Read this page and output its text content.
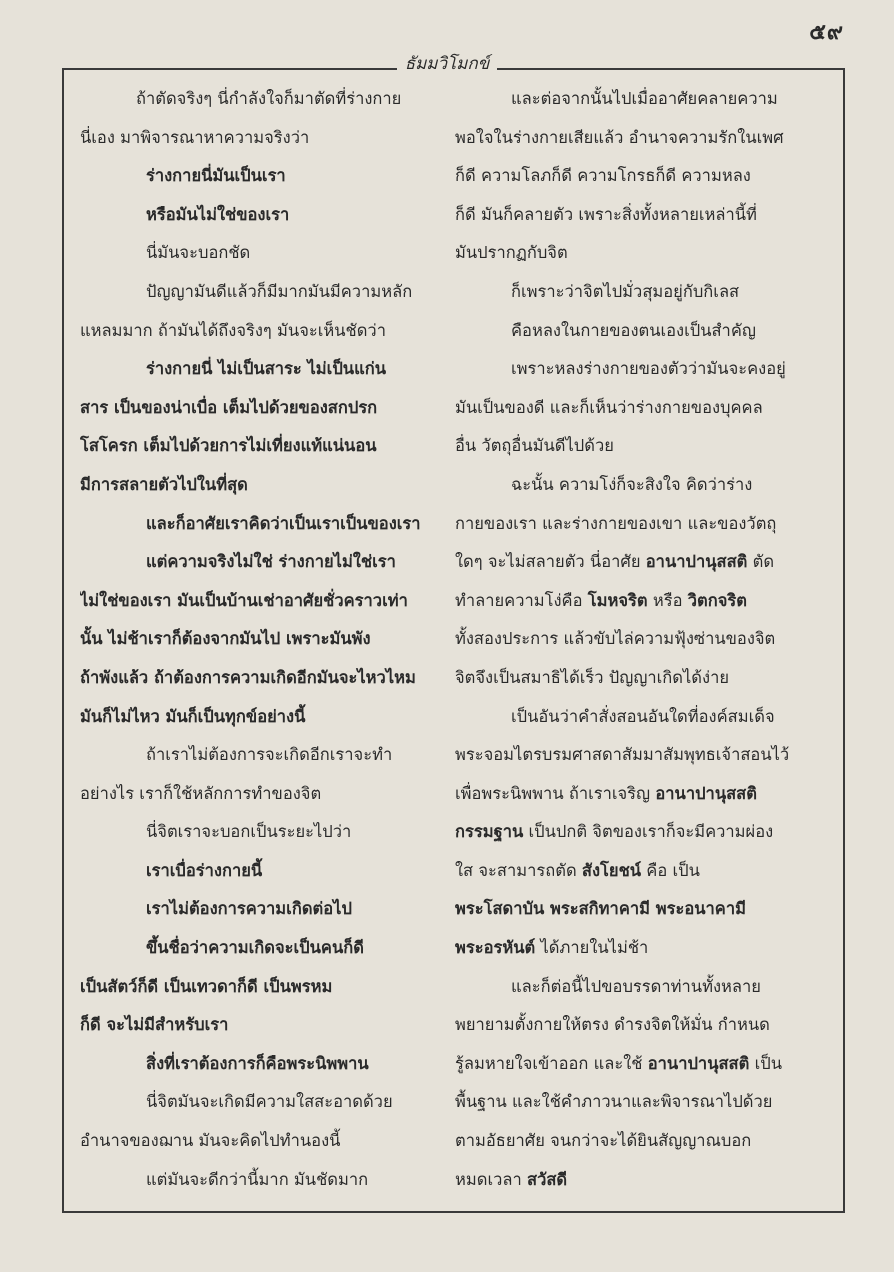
๕๙
ธัมมวิโมกข์
ถ้าตัดจริงๆ นี่กำลังใจก็มาตัดที่ร่างกาย
นี่เอง มาพิจารณาหาความจริงว่า
ร่างกายนี่มันเป็นเรา
หรือมันไม่ใช่ของเรา
นี่มันจะบอกชัด
ปัญญามันดีแล้วก็มีมากมันมีความหลัก
แหลมมาก ถ้ามันได้ถึงจริงๆ มันจะเห็นชัดว่า
ร่างกายนี่ ไม่เป็นสาระ ไม่เป็นแก่น
สาร เป็นของน่าเบื่อ เต็มไปด้วยของสกปรก
โสโครก เต็มไปด้วยการไม่เที่ยงแท้แน่นอน
มีการสลายตัวไปในที่สุด
และก็อาศัยเราคิดว่าเป็นเราเป็นของเรา
แต่ความจริงไม่ใช่ ร่างกายไม่ใช่เรา
ไม่ใช่ของเรา มันเป็นบ้านเช่าอาศัยชั่วคราวเท่า
นั้น ไม่ช้าเราก็ต้องจากมันไป เพราะมันพัง
ถ้าพังแล้ว ถ้าต้องการความเกิดอีกมันจะไหวไหม
มันก็ไม่ไหว มันก็เป็นทุกข์อย่างนี้
ถ้าเราไม่ต้องการจะเกิดอีกเราจะทำ
อย่างไร เราก็ใช้หลักการทำของจิต
นี่จิตเราจะบอกเป็นระยะไปว่า
เราเบื่อร่างกายนี้
เราไม่ต้องการความเกิดต่อไป
ขึ้นชื่อว่าความเกิดจะเป็นคนก็ดี
เป็นสัตว์ก็ดี เป็นเทวดาก็ดี เป็นพรหม
ก็ดี จะไม่มีสำหรับเรา
สิ่งที่เราต้องการก็คือพระนิพพาน
นี่จิตมันจะเกิดมีความใสสะอาดด้วย
อำนาจของฌาน มันจะคิดไปทำนองนี้
แต่มันจะดีกว่านี้มาก มันชัดมาก
และต่อจากนั้นไปเมื่ออาศัยคลายความ
พอใจในร่างกายเสียแล้ว อำนาจความรักในเพศ
ก็ดี ความโลภก็ดี ความโกรธก็ดี ความหลง
ก็ดี มันก็คลายตัว เพราะสิ่งทั้งหลายเหล่านี้ที่
มันปรากฏกับจิต
ก็เพราะว่าจิตไปมั่วสุมอยู่กับกิเลส
คือหลงในกายของตนเองเป็นสำคัญ
เพราะหลงร่างกายของตัวว่ามันจะคงอยู่
มันเป็นของดี และก็เห็นว่าร่างกายของบุคคล
อื่น วัตถุอื่นมันดีไปด้วย
ฉะนั้น ความโง่ก็จะสิงใจ คิดว่าร่าง
กายของเรา และร่างกายของเขา และของวัตถุ
ใดๆ จะไม่สลายตัว นี่อาศัย อานาปานุสสติ ตัด
ทำลายความโง่คือ โมหจริต หรือ วิตกจริต
ทั้งสองประการ แล้วขับไล่ความฟุ้งซ่านของจิต
จิตจึงเป็นสมาธิได้เร็ว ปัญญาเกิดได้ง่าย
เป็นอันว่าคำสั่งสอนอันใดที่องค์สมเด็จ
พระจอมไตรบรมศาสดาสัมมาสัมพุทธเจ้าสอนไว้
เพื่อพระนิพพาน ถ้าเราเจริญ อานาปานุสสติ
กรรมฐาน เป็นปกติ จิตของเราก็จะมีความผ่อง
ใส จะสามารถตัด สังโยชน์ คือ เป็น
พระโสดาบัน พระสกิทาคามี พระอนาคามี
พระอรหันต์ ได้ภายในไม่ช้า
และก็ต่อนี้ไปขอบรรดาท่านทั้งหลาย
พยายามตั้งกายให้ตรง ดำรงจิตให้มั่น กำหนด
รู้ลมหายใจเข้าออก และใช้ อานาปานุสสติ เป็น
พื้นฐาน และใช้คำภาวนาและพิจารณาไปด้วย
ตามอัธยาศัย จนกว่าจะได้ยินสัญญาณบอก
หมดเวลา สวัสดี
